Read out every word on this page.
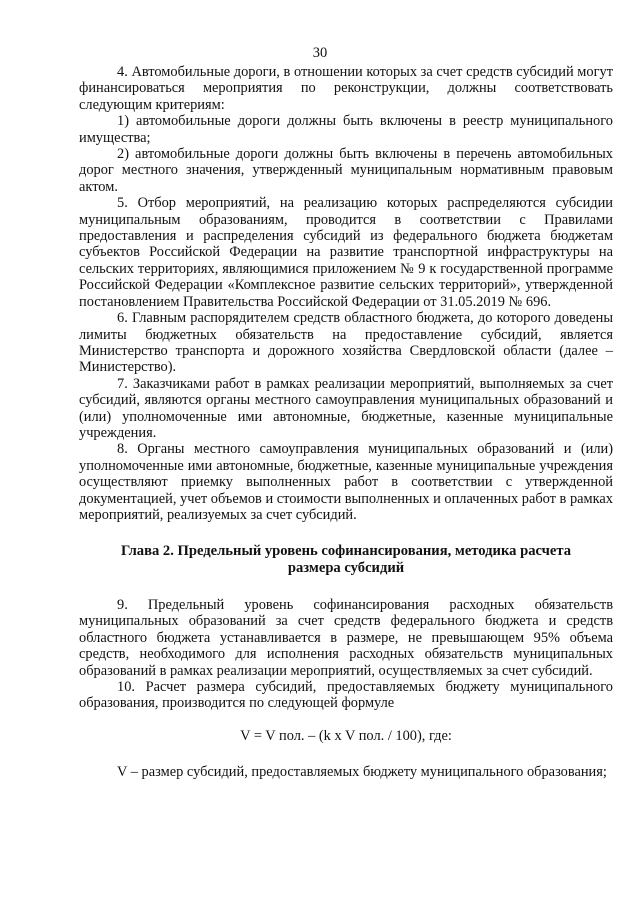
30

4. Автомобильные дороги, в отношении которых за счет средств субсидий могут финансироваться мероприятия по реконструкции, должны соответствовать следующим критериям:

1) автомобильные дороги должны быть включены в реестр муниципального имущества;

2) автомобильные дороги должны быть включены в перечень автомобильных дорог местного значения, утвержденный муниципальным нормативным правовым актом.

5. Отбор мероприятий, на реализацию которых распределяются субсидии муниципальным образованиям, проводится в соответствии с Правилами предоставления и распределения субсидий из федерального бюджета бюджетам субъектов Российской Федерации на развитие транспортной инфраструктуры на сельских территориях, являющимися приложением № 9 к государственной программе Российской Федерации «Комплексное развитие сельских территорий», утвержденной постановлением Правительства Российской Федерации от 31.05.2019 № 696.

6. Главным распорядителем средств областного бюджета, до которого доведены лимиты бюджетных обязательств на предоставление субсидий, является Министерство транспорта и дорожного хозяйства Свердловской области (далее – Министерство).

7. Заказчиками работ в рамках реализации мероприятий, выполняемых за счет субсидий, являются органы местного самоуправления муниципальных образований и (или) уполномоченные ими автономные, бюджетные, казенные муниципальные учреждения.

8. Органы местного самоуправления муниципальных образований и (или) уполномоченные ими автономные, бюджетные, казенные муниципальные учреждения осуществляют приемку выполненных работ в соответствии с утвержденной документацией, учет объемов и стоимости выполненных и оплаченных работ в рамках мероприятий, реализуемых за счет субсидий.

Глава 2. Предельный уровень софинансирования, методика расчета размера субсидий

9. Предельный уровень софинансирования расходных обязательств муниципальных образований за счет средств федерального бюджета и средств областного бюджета устанавливается в размере, не превышающем 95% объема средств, необходимого для исполнения расходных обязательств муниципальных образований в рамках реализации мероприятий, осуществляемых за счет субсидий.

10. Расчет размера субсидий, предоставляемых бюджету муниципального образования, производится по следующей формуле

V = V пол. – (k x V пол. / 100), где:

V – размер субсидий, предоставляемых бюджету муниципального образования;
